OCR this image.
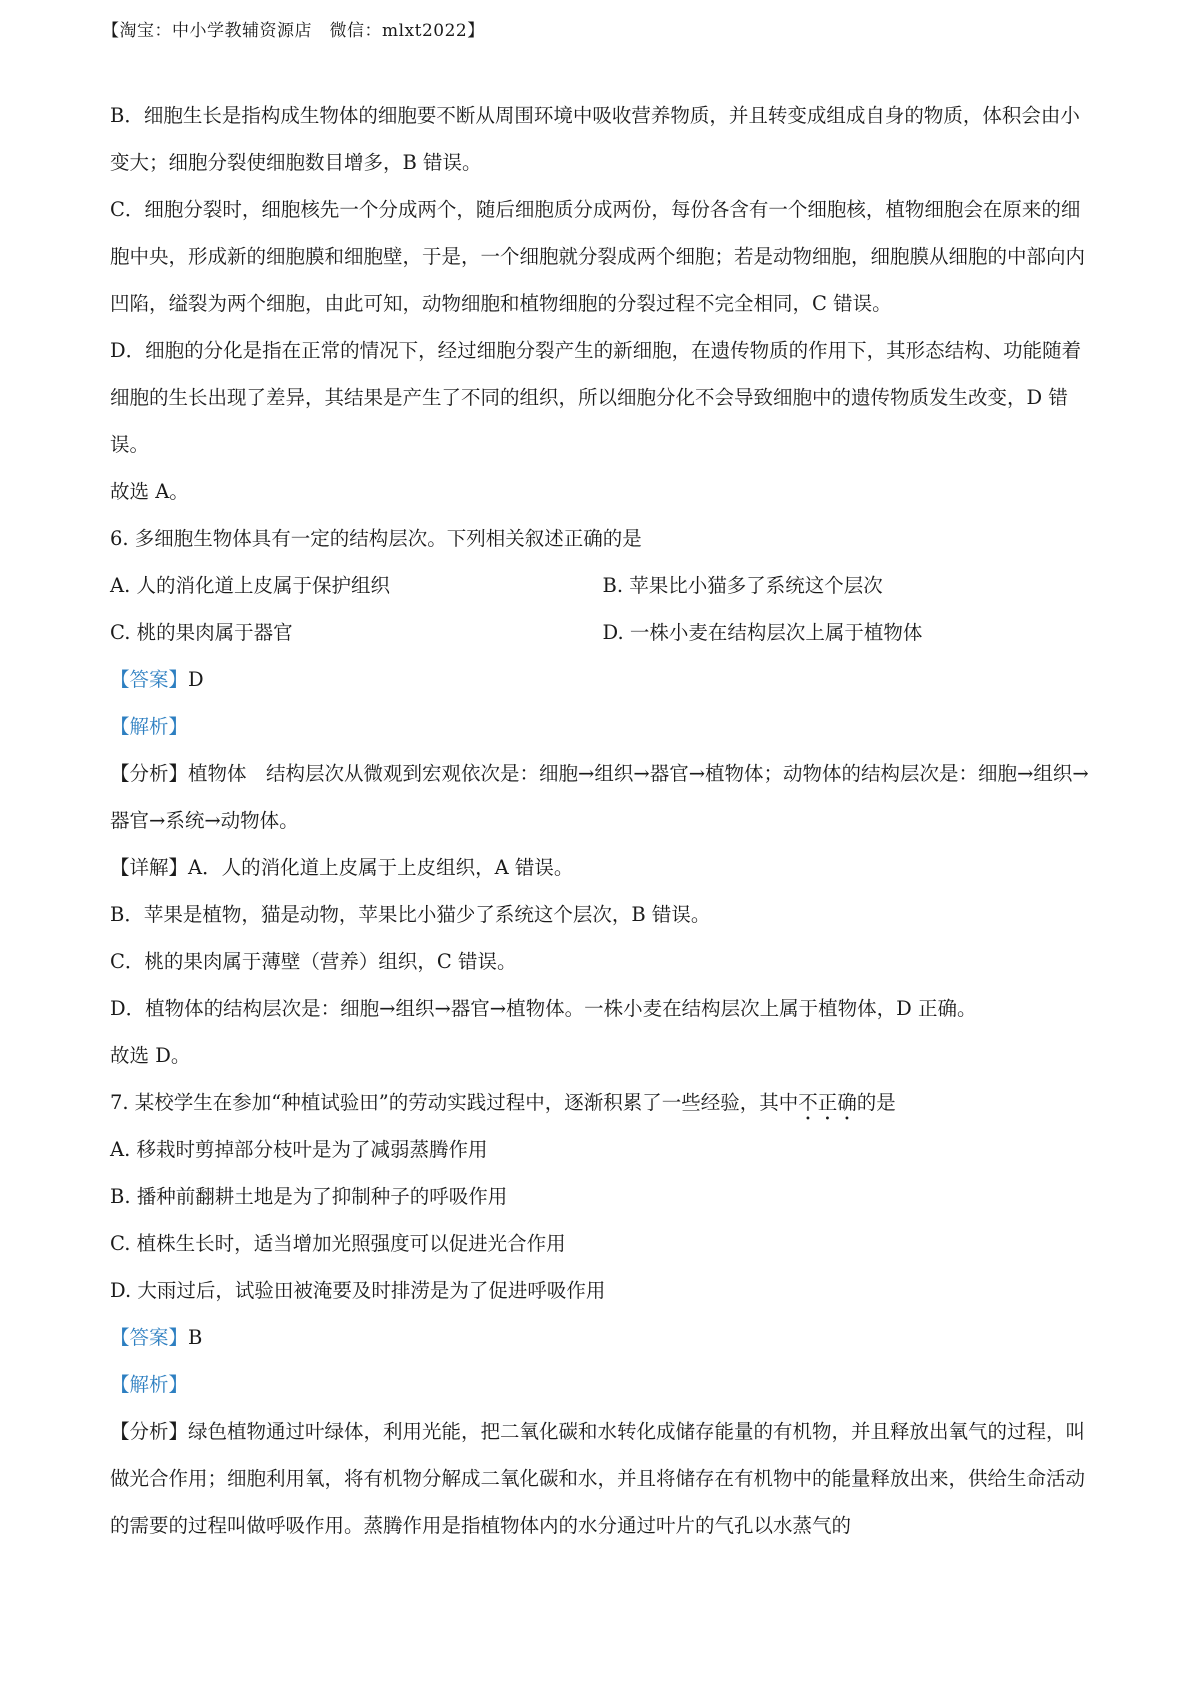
【淘宝：中小学教辅资源店　微信：mlxt2022】

B．细胞生长是指构成生物体的细胞要不断从周围环境中吸收营养物质，并且转变成组成自身的物质，体积会由小变大；细胞分裂使细胞数目增多，B 错误。

C．细胞分裂时，细胞核先一个分成两个，随后细胞质分成两份，每份各含有一个细胞核，植物细胞会在原来的细胞中央，形成新的细胞膜和细胞壁，于是，一个细胞就分裂成两个细胞；若是动物细胞，细胞膜从细胞的中部向内凹陷，缢裂为两个细胞，由此可知，动物细胞和植物细胞的分裂过程不完全相同，C 错误。

D．细胞的分化是指在正常的情况下，经过细胞分裂产生的新细胞，在遗传物质的作用下，其形态结构、功能随着细胞的生长出现了差异，其结果是产生了不同的组织，所以细胞分化不会导致细胞中的遗传物质发生改变，D 错误。

故选 A。

6. 多细胞生物体具有一定的结构层次。下列相关叙述正确的是

A. 人的消化道上皮属于保护组织	B. 苹果比小猫多了系统这个层次
C. 桃的果肉属于器官	D. 一株小麦在结构层次上属于植物体

【答案】D

【解析】

【分析】植物体　结构层次从微观到宏观依次是：细胞→组织→器官→植物体；动物体的结构层次是：细胞→组织→器官→系统→动物体。

【详解】A．人的消化道上皮属于上皮组织，A 错误。

B．苹果是植物，猫是动物，苹果比小猫少了系统这个层次，B 错误。

C．桃的果肉属于薄壁（营养）组织，C 错误。

D．植物体的结构层次是：细胞→组织→器官→植物体。一株小麦在结构层次上属于植物体，D 正确。

故选 D。

7. 某校学生在参加“种植试验田”的劳动实践过程中，逐渐积累了一些经验，其中不正确的是

A. 移栽时剪掉部分枝叶是为了减弱蒸腾作用

B. 播种前翻耕土地是为了抑制种子的呼吸作用

C. 植株生长时，适当增加光照强度可以促进光合作用

D. 大雨过后，试验田被淹要及时排涝是为了促进呼吸作用

【答案】B

【解析】

【分析】绿色植物通过叶绿体，利用光能，把二氧化碳和水转化成储存能量的有机物，并且释放出氧气的过程，叫做光合作用；细胞利用氧，将有机物分解成二氧化碳和水，并且将储存在有机物中的能量释放出来，供给生命活动的需要的过程叫做呼吸作用。蒸腾作用是指植物体内的水分通过叶片的气孔以水蒸气的
